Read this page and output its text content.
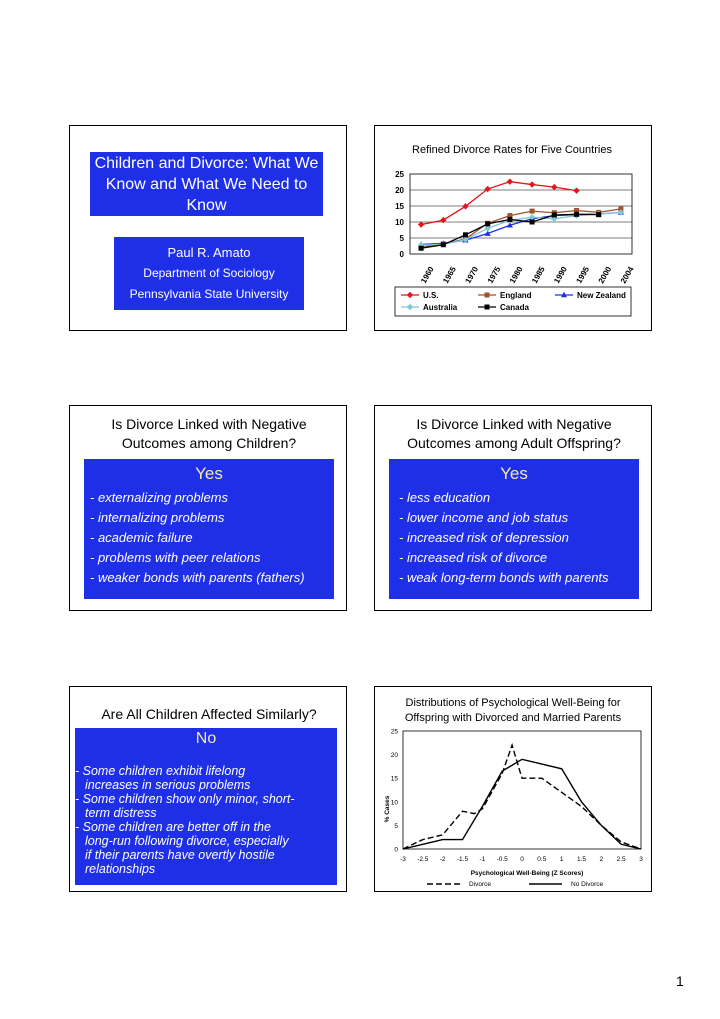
Children and Divorce: What We Know and What We Need to Know
Paul R. Amato
Department of Sociology
Pennsylvania State University
Refined Divorce Rates for Five Countries
0
5
10
15
20
25
1960 1965 1970 1975 1980 1985 1990 1995 2000 2004
U.S.	England	New Zealand
Australia	Canada
Is Divorce Linked with Negative Outcomes among Children?
Yes
- externalizing problems
- internalizing problems
- academic failure
- problems with peer relations
- weaker bonds with parents (fathers)
Is Divorce Linked with Negative Outcomes among Adult Offspring?
Yes
- less education
- lower income and job status
- increased risk of depression
- increased risk of divorce
- weak long-term bonds with parents
Are All Children Affected Similarly?
No
- Some children exhibit lifelong
increases in serious problems
- Some children show only minor, short-
term distress
- Some children are better off in the
long-run following divorce, especially
if their parents have overtly hostile
relationships
Distributions of Psychological Well-Being for
Offspring with Divorced and Married Parents
0
5
10
15
20
25
-3 -2.5 -2 -1.5 -1 -0.5 0 0.5 1 1.5 2 2.5 3
Psychological Well-Being (Z Scores)
% Cases
Divorce	No Divorce
1
